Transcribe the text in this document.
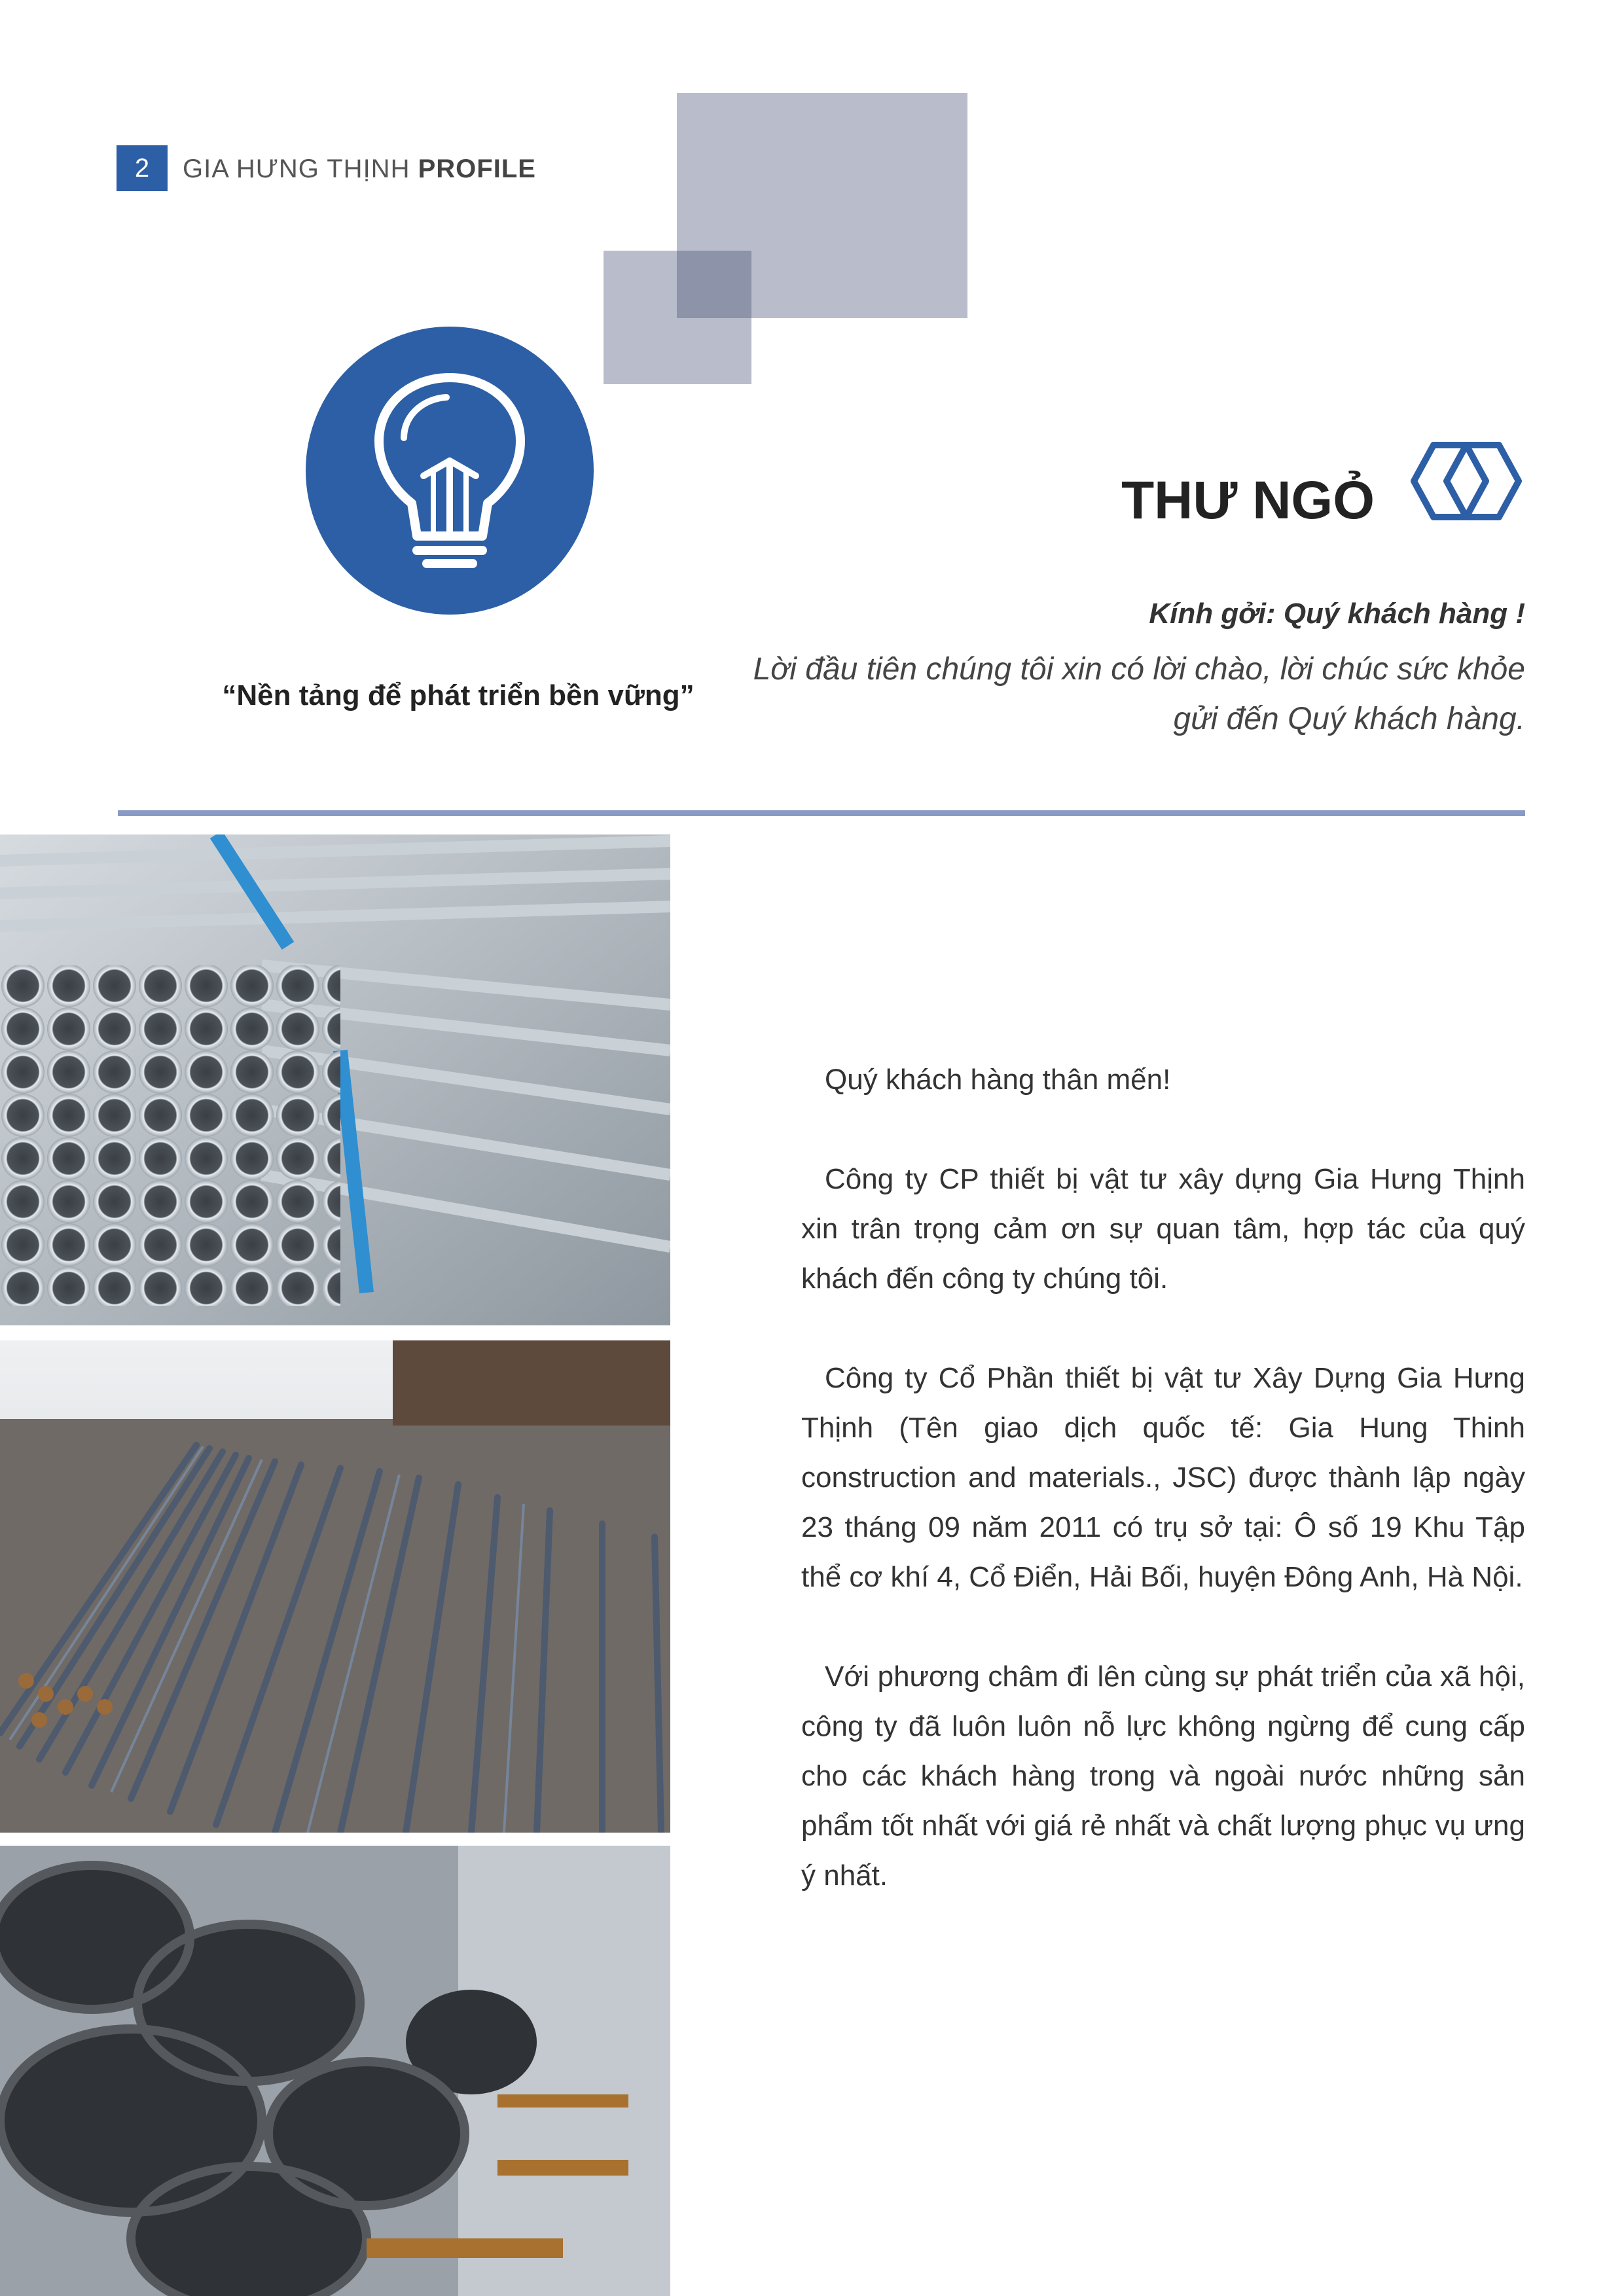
2	GIA HƯNG THỊNH PROFILE
“Nền tảng để phát triển bền vững”
THƯ NGỎ
Kính gởi: Quý khách hàng !
Lời đầu tiên chúng tôi xin có lời chào, lời chúc sức khỏe gửi đến Quý khách hàng.

Quý khách hàng thân mến!

Công ty CP thiết bị vật tư xây dựng Gia Hưng Thịnh xin trân trọng cảm ơn sự quan tâm, hợp tác của quý khách đến công ty chúng tôi.

Công ty Cổ Phần thiết bị vật tư Xây Dựng Gia Hưng Thịnh (Tên giao dịch quốc tế: Gia Hung Thinh construction and materials., JSC) được thành lập ngày 23 tháng 09 năm 2011 có trụ sở tại: Ô số 19 Khu Tập thể cơ khí 4, Cổ Điển, Hải Bối, huyện Đông Anh, Hà Nội.

Với phương châm đi lên cùng sự phát triển của xã hội, công ty đã luôn luôn nỗ lực không ngừng để cung cấp cho các khách hàng trong và ngoài nước những sản phẩm tốt nhất với giá rẻ nhất và chất lượng phục vụ ưng ý nhất.
